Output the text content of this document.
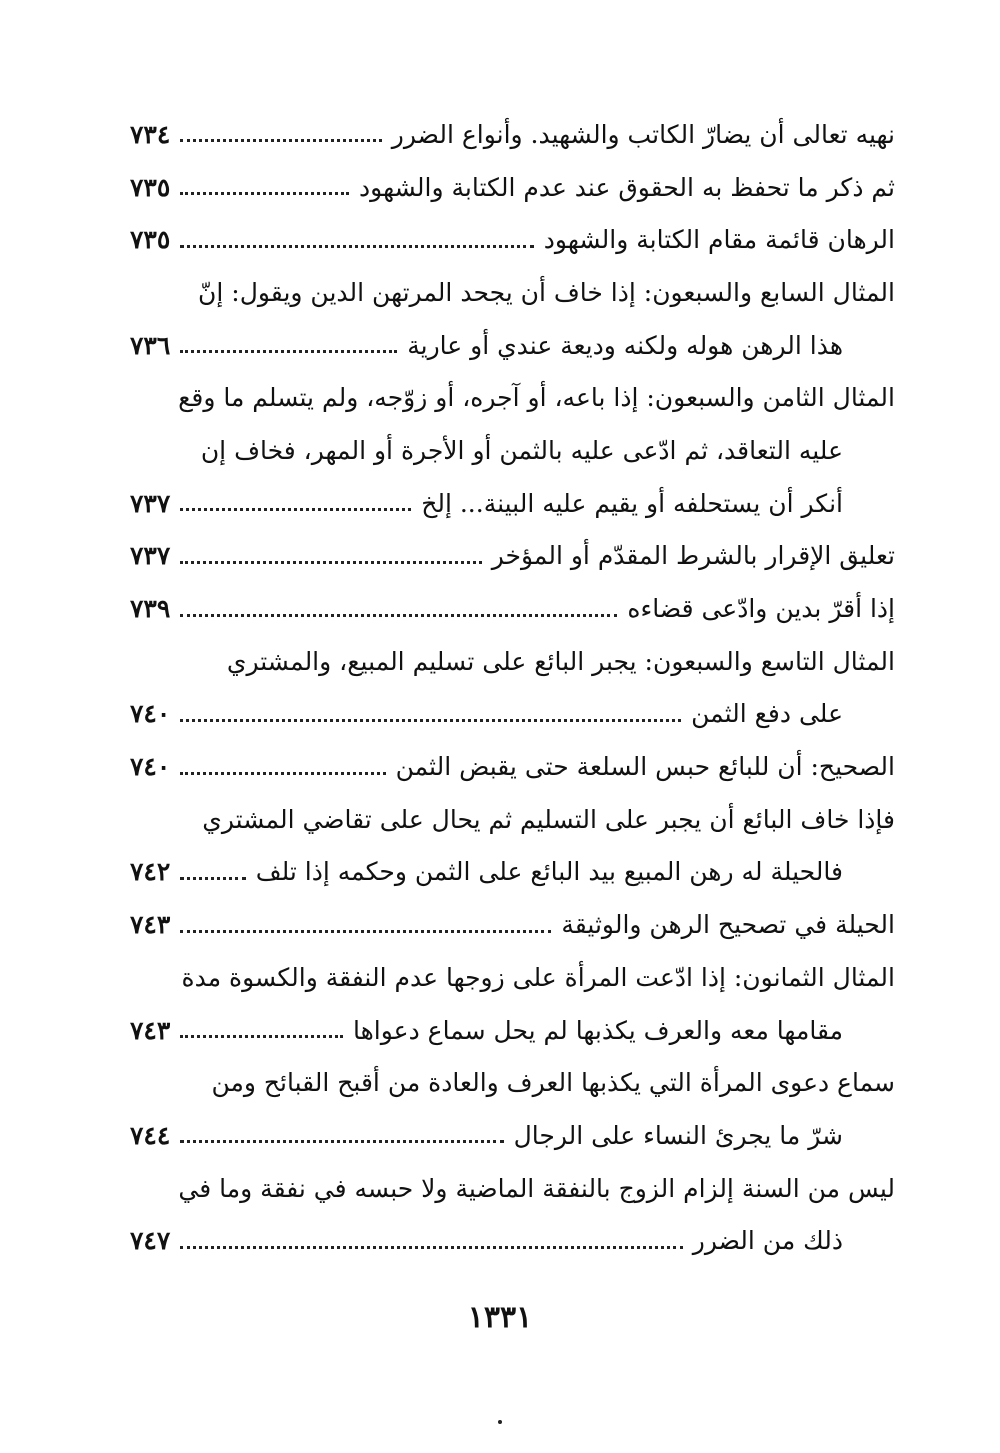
نهيه تعالى أن يضارّ الكاتب والشهيد. وأنواع الضرر
٧٣٤
ثم ذكر ما تحفظ به الحقوق عند عدم الكتابة والشهود
٧٣٥
الرهان قائمة مقام الكتابة والشهود
٧٣٥
المثال السابع والسبعون: إذا خاف أن يجحد المرتهن الدين ويقول: إنّ
هذا الرهن هوله ولكنه وديعة عندي أو عارية
٧٣٦
المثال الثامن والسبعون: إذا باعه، أو آجره، أو زوّجه، ولم يتسلم ما وقع
عليه التعاقد، ثم ادّعى عليه بالثمن أو الأجرة أو المهر، فخاف إن
أنكر أن يستحلفه أو يقيم عليه البينة... إلخ
٧٣٧
تعليق الإقرار بالشرط المقدّم أو المؤخر
٧٣٧
إذا أقرّ بدين وادّعى قضاءه
٧٣٩
المثال التاسع والسبعون: يجبر البائع على تسليم المبيع، والمشتري
على دفع الثمن
٧٤٠
الصحيح: أن للبائع حبس السلعة حتى يقبض الثمن
٧٤٠
فإذا خاف البائع أن يجبر على التسليم ثم يحال على تقاضي المشتري
فالحيلة له رهن المبيع بيد البائع على الثمن وحكمه إذا تلف
٧٤٢
الحيلة في تصحيح الرهن والوثيقة
٧٤٣
المثال الثمانون: إذا ادّعت المرأة على زوجها عدم النفقة والكسوة مدة
مقامها معه والعرف يكذبها لم يحل سماع دعواها
٧٤٣
سماع دعوى المرأة التي يكذبها العرف والعادة من أقبح القبائح ومن
شرّ ما يجرئ النساء على الرجال
٧٤٤
ليس من السنة إلزام الزوج بالنفقة الماضية ولا حبسه في نفقة وما في
ذلك من الضرر
٧٤٧
١٣٣١
